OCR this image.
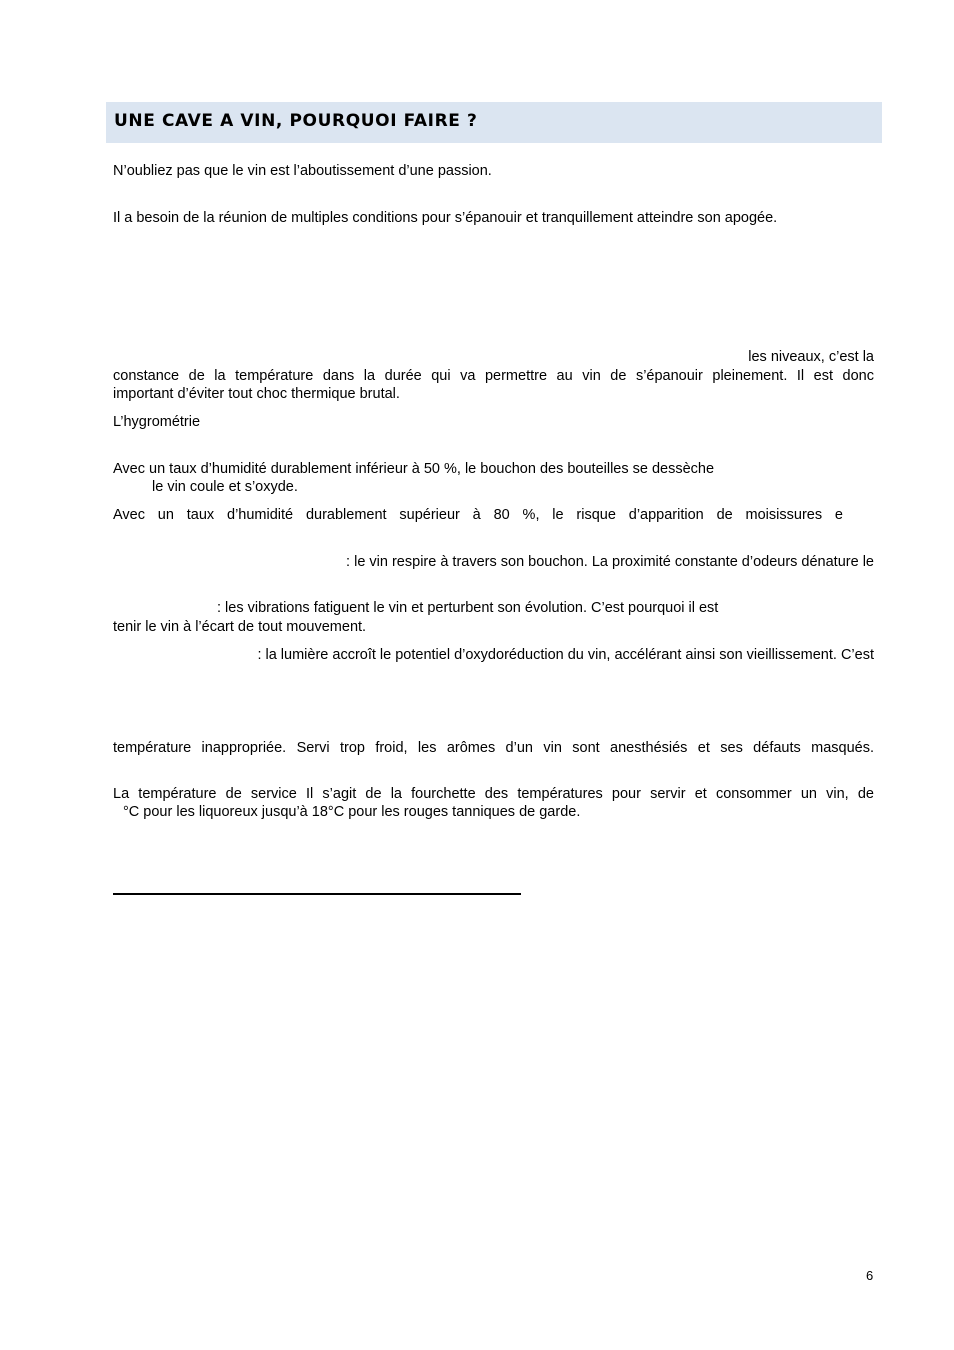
UNE CAVE A VIN, POURQUOI FAIRE ?
N’oubliez pas que le vin est l’aboutissement d’une passion.
Il a besoin de la réunion de multiples conditions pour s’épanouir et tranquillement atteindre son apogée.
les niveaux, c’est la
constance de la température dans la durée qui va permettre au vin de s’épanouir pleinement. Il est donc
important d’éviter tout choc thermique brutal.
L’hygrométrie
Avec un taux d’humidité durablement inférieur à 50 %, le bouchon des bouteilles se dessèche
le vin coule et s’oxyde.
Avec un taux d’humidité durablement supérieur à 80 %, le risque d’apparition de moisissures e
: le vin respire à travers son bouchon. La proximité constante d’odeurs dénature le
: les vibrations fatiguent le vin et perturbent son évolution. C’est pourquoi il est
tenir le vin à l’écart de tout mouvement.
: la lumière accroît le potentiel d’oxydoréduction du vin, accélérant ainsi son vieillissement. C’est
température inappropriée. Servi trop froid, les arômes d’un vin sont anesthésiés et ses défauts masqués.
La température de service Il s’agit de la fourchette des températures pour servir et consommer un vin, de
°C pour les liquoreux jusqu’à 18°C pour les rouges tanniques de garde.
6
